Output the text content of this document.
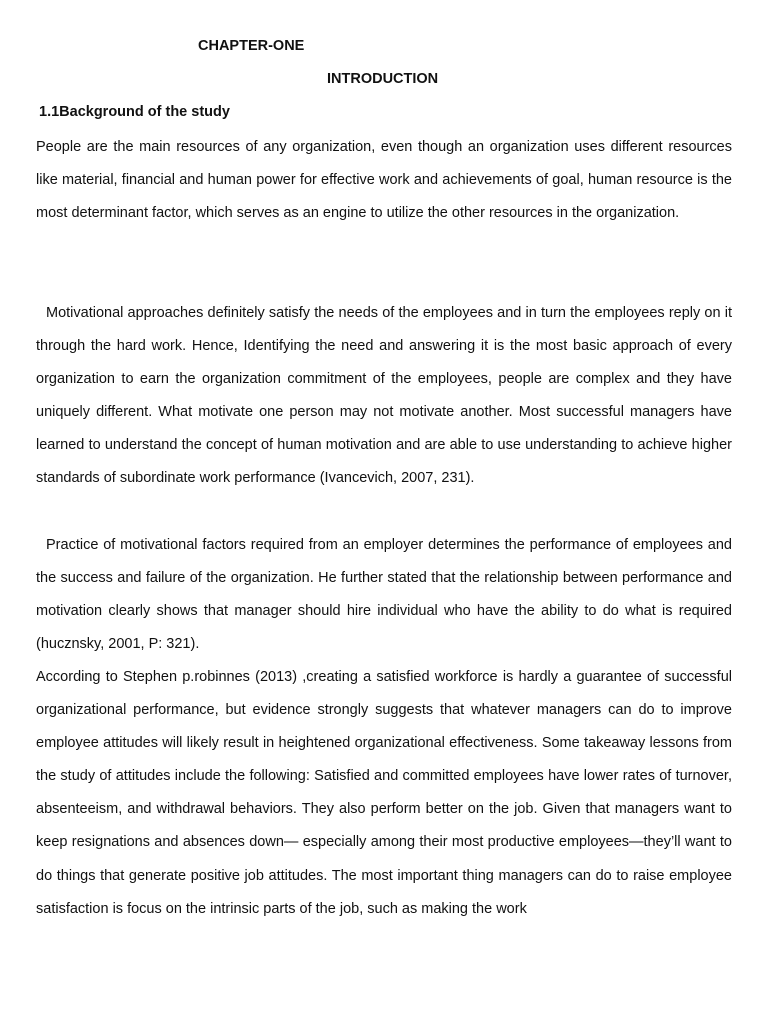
CHAPTER-ONE
INTRODUCTION
1.1Background of the study

People are the main resources of any organization, even though an organization uses different resources like material, financial and human power for effective work and achievements of goal, human resource is the most determinant factor, which serves as an engine to utilize the other resources in the organization.

Motivational approaches definitely satisfy the needs of the employees and in turn the employees reply on it through the hard work. Hence, Identifying the need and answering it is the most basic approach of every organization to earn the organization commitment of the employees, people are complex and they have uniquely different. What motivate one person may not motivate another. Most successful managers have learned to understand the concept of human motivation and are able to use understanding to achieve higher standards of subordinate work performance (Ivancevich, 2007, 231).

Practice of motivational factors required from an employer determines the performance of employees and the success and failure of the organization. He further stated that the relationship between performance and motivation clearly shows that manager should hire individual who have the ability to do what is required (hucznsky, 2001, P: 321).

According to Stephen p.robinnes (2013) ,creating a satisfied workforce is hardly a guarantee of successful organizational performance, but evidence strongly suggests that whatever managers can do to improve employee attitudes will likely result in heightened organizational effectiveness. Some takeaway lessons from the study of attitudes include the following: Satisfied and committed employees have lower rates of turnover, absenteeism, and withdrawal behaviors. They also perform better on the job. Given that managers want to keep resignations and absences down— especially among their most productive employees—they’ll want to do things that generate positive job attitudes. The most important thing managers can do to raise employee satisfaction is focus on the intrinsic parts of the job, such as making the work
